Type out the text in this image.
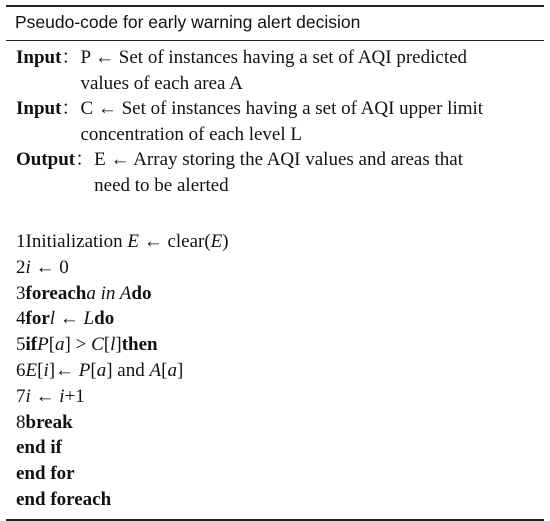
Pseudo-code for early warning alert decision
Input ： P ← Set of instances having a set of AQI predicted
values of each area A
Input ： C ← Set of instances having a set of AQI upper limit
concentration of each level L
Output ： E ← Array storing the AQI values and areas that
need to be alerted
1 Initialization E ← clear( E )
2 i ← 0
3 foreach a in A do
4 for l ← L do
5 if P [ a ] > C [ l ] then
6 E [ i ]← P [ a ] and A [ a ]
7 i ← i +1
8 break
end if
end for
end foreach
